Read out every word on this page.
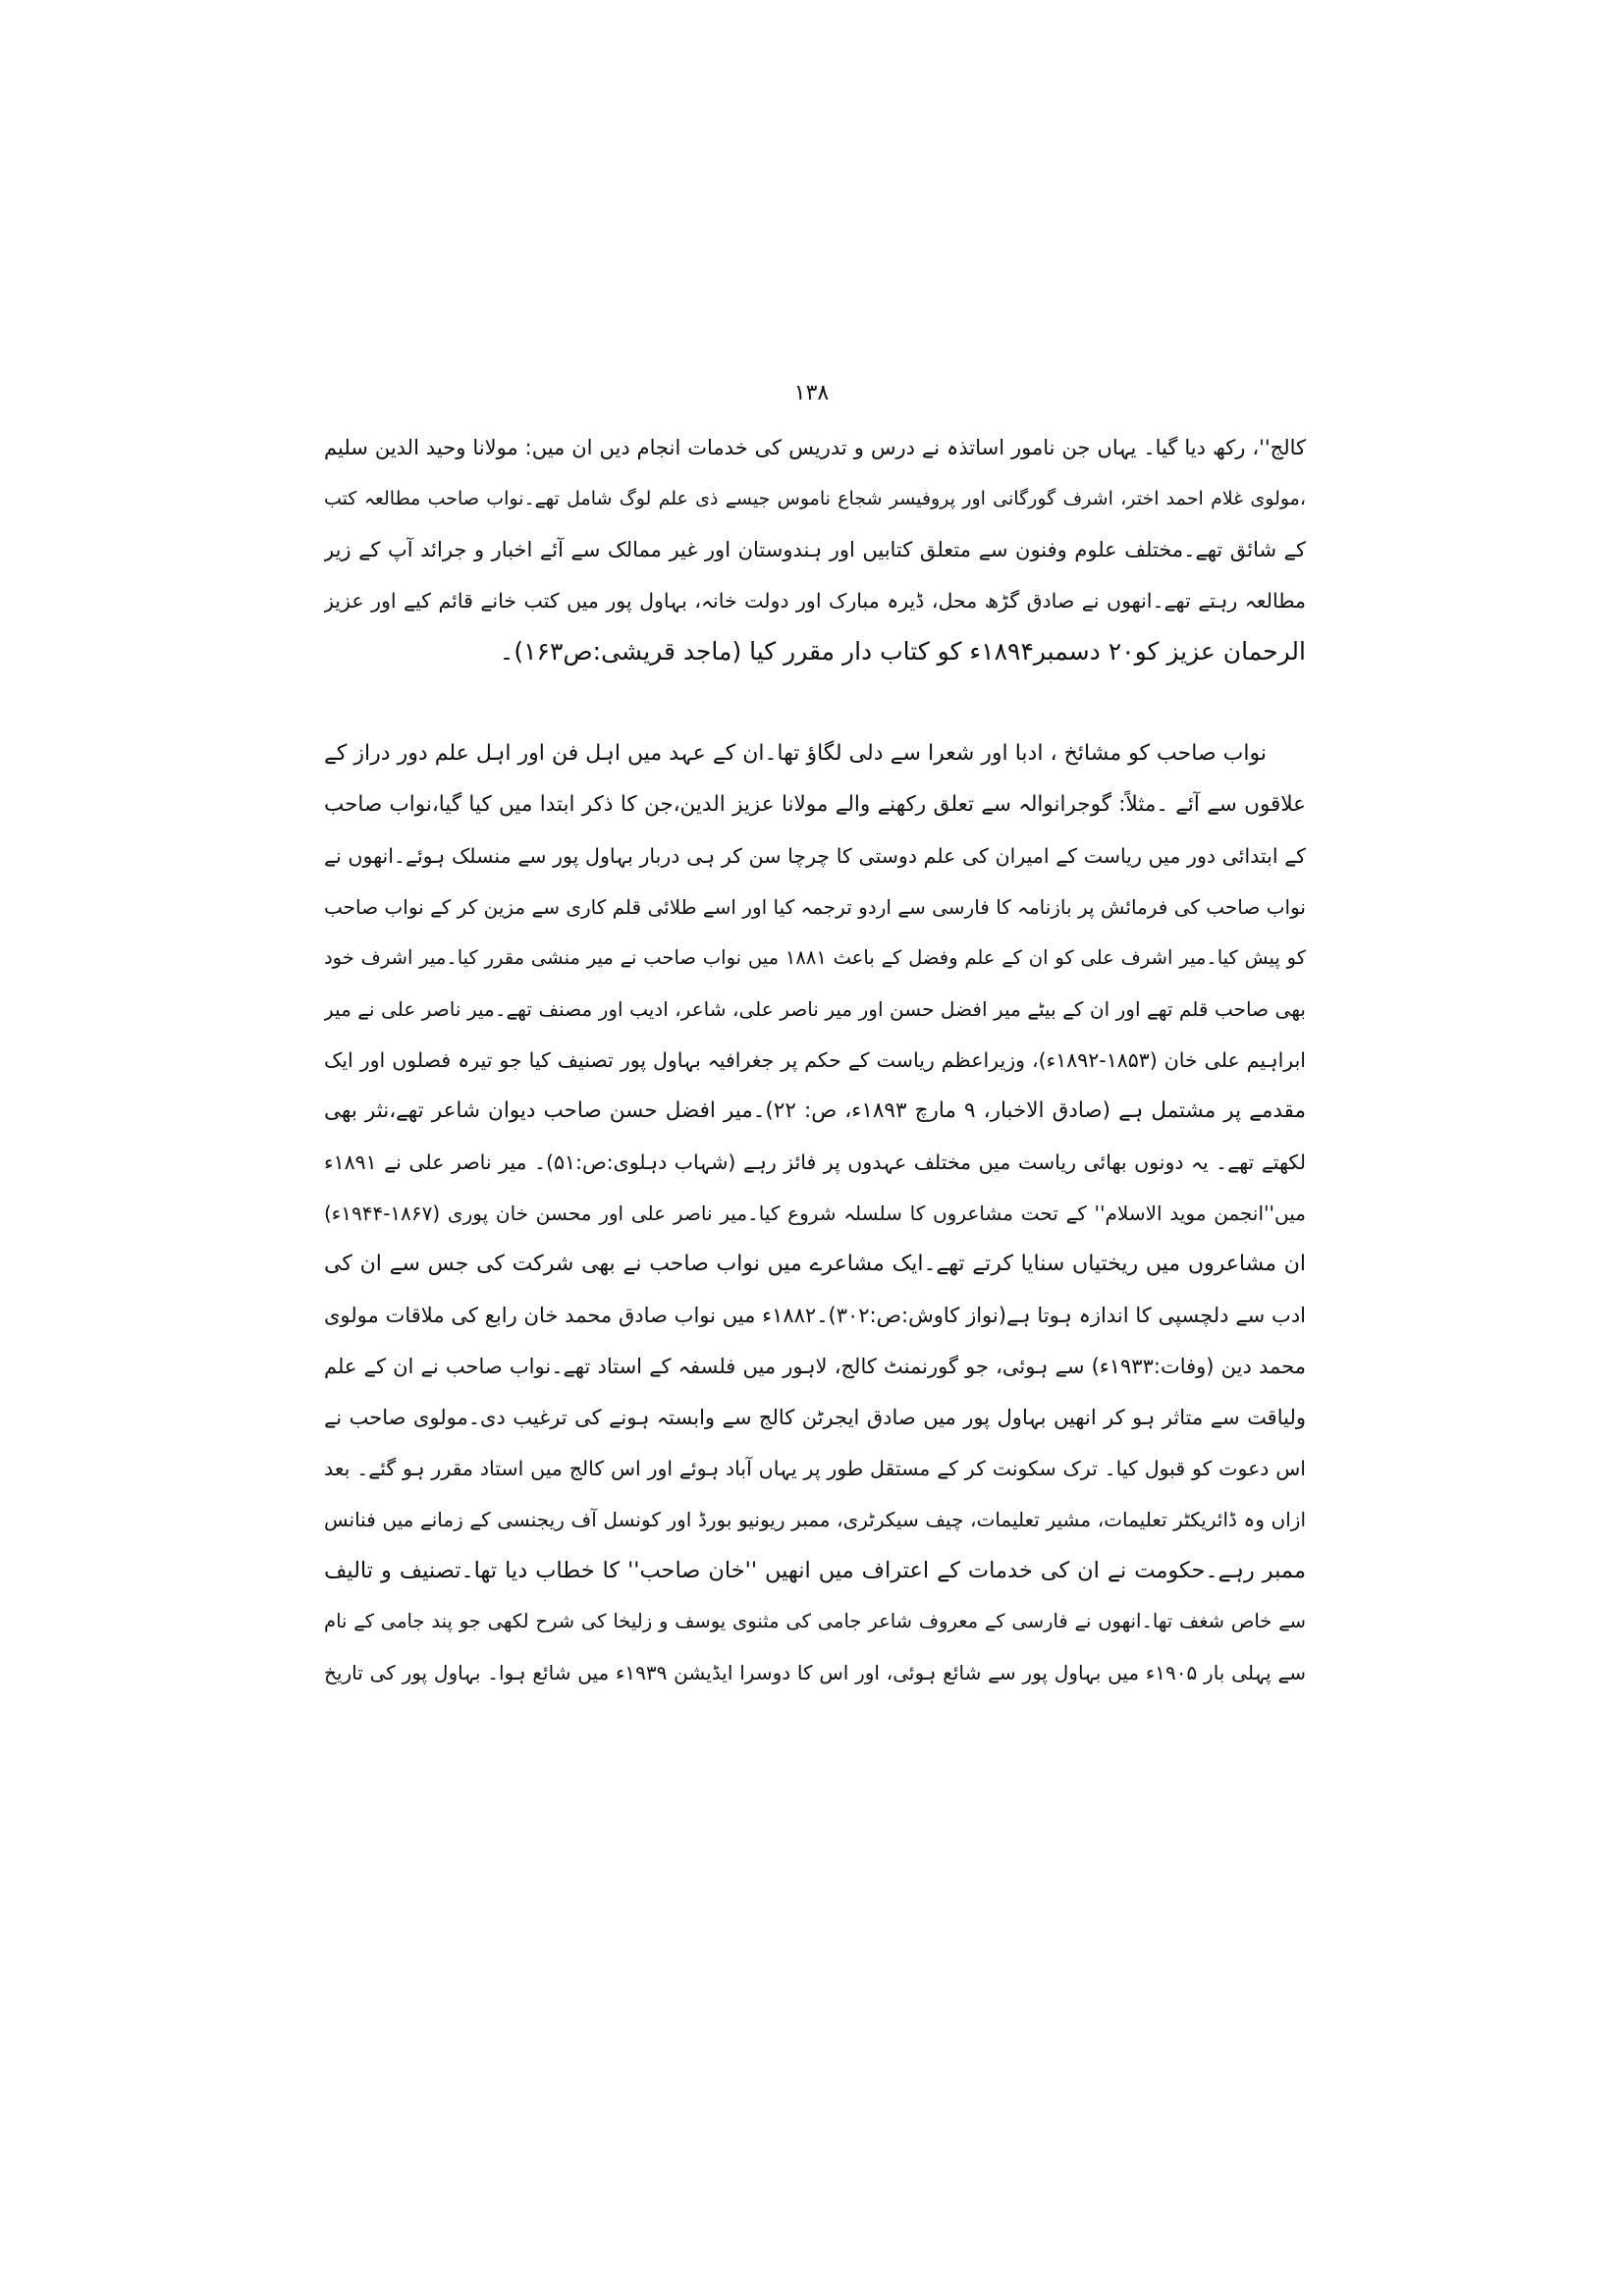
۱۳۸
کالج''، رکھ دیا گیا۔ یہاں جن نامور اساتذہ نے درس و تدریس کی خدمات انجام دیں ان میں: مولانا وحید الدین سلیم
،مولوی غلام احمد اختر، اشرف گورگانی اور پروفیسر شجاع ناموس جیسے ذی علم لوگ شامل تھے۔نواب صاحب مطالعہ کتب
کے شائق تھے۔مختلف علوم وفنون سے متعلق کتابیں اور ہندوستان اور غیر ممالک سے آئے اخبار و جرائد آپ کے زیر
مطالعہ رہتے تھے۔انھوں نے صادق گڑھ محل، ڈیرہ مبارک اور دولت خانہ، بہاول پور میں کتب خانے قائم کیے اور عزیز
الرحمان عزیز کو۲۰ دسمبر۱۸۹۴ء کو کتاب دار مقرر کیا (ماجد قریشی:ص۱۶۳)۔
نواب صاحب کو مشائخ ، ادبا اور شعرا سے دلی لگاؤ تھا۔ان کے عہد میں اہل فن اور اہل علم دور دراز کے
علاقوں سے آئے ۔مثلاً: گوجرانوالہ سے تعلق رکھنے والے مولانا عزیز الدین،جن کا ذکر ابتدا میں کیا گیا،نواب صاحب
کے ابتدائی دور میں ریاست کے امیران کی علم دوستی کا چرچا سن کر ہی دربار بہاول پور سے منسلک ہوئے۔انھوں نے
نواب صاحب کی فرمائش پر بازنامہ کا فارسی سے اردو ترجمہ کیا اور اسے طلائی قلم کاری سے مزین کر کے نواب صاحب
کو پیش کیا۔میر اشرف علی کو ان کے علم وفضل کے باعث ۱۸۸۱ میں نواب صاحب نے میر منشی مقرر کیا۔میر اشرف خود
بھی صاحب قلم تھے اور ان کے بیٹے میر افضل حسن اور میر ناصر علی، شاعر، ادیب اور مصنف تھے۔میر ناصر علی نے میر
ابراہیم علی خان (۱۸۵۳-۱۸۹۲ء)، وزیراعظم ریاست کے حکم پر جغرافیہ بہاول پور تصنیف کیا جو تیرہ فصلوں اور ایک
مقدمے پر مشتمل ہے (صادق الاخبار، ۹ مارچ ۱۸۹۳ء، ص: ۲۲)۔میر افضل حسن صاحب دیوان شاعر تھے،نثر بھی
لکھتے تھے۔ یہ دونوں بھائی ریاست میں مختلف عہدوں پر فائز رہے (شہاب دہلوی:ص:۵۱)۔ میر ناصر علی نے ۱۸۹۱ء
میں''انجمن موید الاسلام'' کے تحت مشاعروں کا سلسلہ شروع کیا۔میر ناصر علی اور محسن خان پوری (۱۸۶۷-۱۹۴۴ء)
ان مشاعروں میں ریختیاں سنایا کرتے تھے۔ایک مشاعرے میں نواب صاحب نے بھی شرکت کی جس سے ان کی
ادب سے دلچسپی کا اندازہ ہوتا ہے(نواز کاوش:ص:۳۰۲)۔۱۸۸۲ء میں نواب صادق محمد خان رابع کی ملاقات مولوی
محمد دین (وفات:۱۹۳۳ء) سے ہوئی، جو گورنمنٹ کالج، لاہور میں فلسفہ کے استاد تھے۔نواب صاحب نے ان کے علم
ولیاقت سے متاثر ہو کر انھیں بہاول پور میں صادق ایجرٹن کالج سے وابستہ ہونے کی ترغیب دی۔مولوی صاحب نے
اس دعوت کو قبول کیا۔ ترک سکونت کر کے مستقل طور پر یہاں آباد ہوئے اور اس کالج میں استاد مقرر ہو گئے۔ بعد
ازاں وہ ڈائریکٹر تعلیمات، مشیر تعلیمات، چیف سیکرٹری، ممبر ریونیو بورڈ اور کونسل آف ریجنسی کے زمانے میں فنانس
ممبر رہے۔حکومت نے ان کی خدمات کے اعتراف میں انھیں ''خان صاحب'' کا خطاب دیا تھا۔تصنیف و تالیف
سے خاص شغف تھا۔انھوں نے فارسی کے معروف شاعر جامی کی مثنوی یوسف و زلیخا کی شرح لکھی جو پند جامی کے نام
سے پہلی بار ۱۹۰۵ء میں بہاول پور سے شائع ہوئی، اور اس کا دوسرا ایڈیشن ۱۹۳۹ء میں شائع ہوا۔ بہاول پور کی تاریخ
